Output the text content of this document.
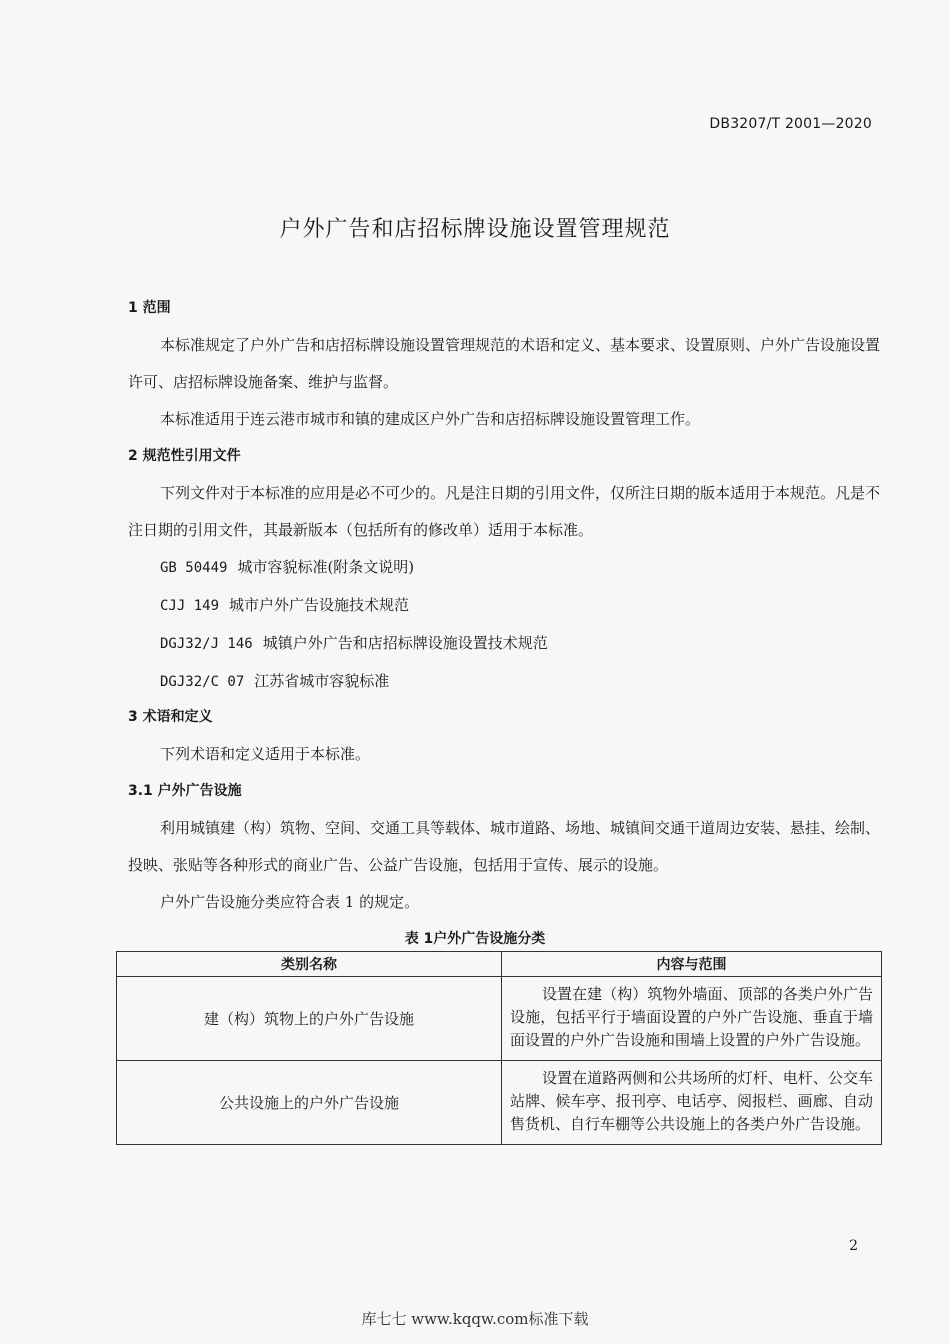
DB3207/T 2001—2020
户外广告和店招标牌设施设置管理规范
1 范围
本标准规定了户外广告和店招标牌设施设置管理规范的术语和定义、基本要求、设置原则、户外广告设施设置许可、店招标牌设施备案、维护与监督。
本标准适用于连云港市城市和镇的建成区户外广告和店招标牌设施设置管理工作。
2 规范性引用文件
下列文件对于本标准的应用是必不可少的。凡是注日期的引用文件，仅所注日期的版本适用于本规范。凡是不注日期的引用文件，其最新版本（包括所有的修改单）适用于本标准。
GB 50449 城市容貌标准(附条文说明)
CJJ 149 城市户外广告设施技术规范
DGJ32/J 146 城镇户外广告和店招标牌设施设置技术规范
DGJ32/C 07 江苏省城市容貌标准
3 术语和定义
下列术语和定义适用于本标准。
3.1 户外广告设施
利用城镇建（构）筑物、空间、交通工具等载体、城市道路、场地、城镇间交通干道周边安装、悬挂、绘制、投映、张贴等各种形式的商业广告、公益广告设施，包括用于宣传、展示的设施。
户外广告设施分类应符合表 1 的规定。
表 1户外广告设施分类
类别名称	内容与范围
建（构）筑物上的户外广告设施	设置在建（构）筑物外墙面、顶部的各类户外广告设施，包括平行于墙面设置的户外广告设施、垂直于墙面设置的户外广告设施和围墙上设置的户外广告设施。
公共设施上的户外广告设施	设置在道路两侧和公共场所的灯杆、电杆、公交车站牌、候车亭、报刊亭、电话亭、阅报栏、画廊、自动售货机、自行车棚等公共设施上的各类户外广告设施。
2
库七七 www.kqqw.com标准下载
